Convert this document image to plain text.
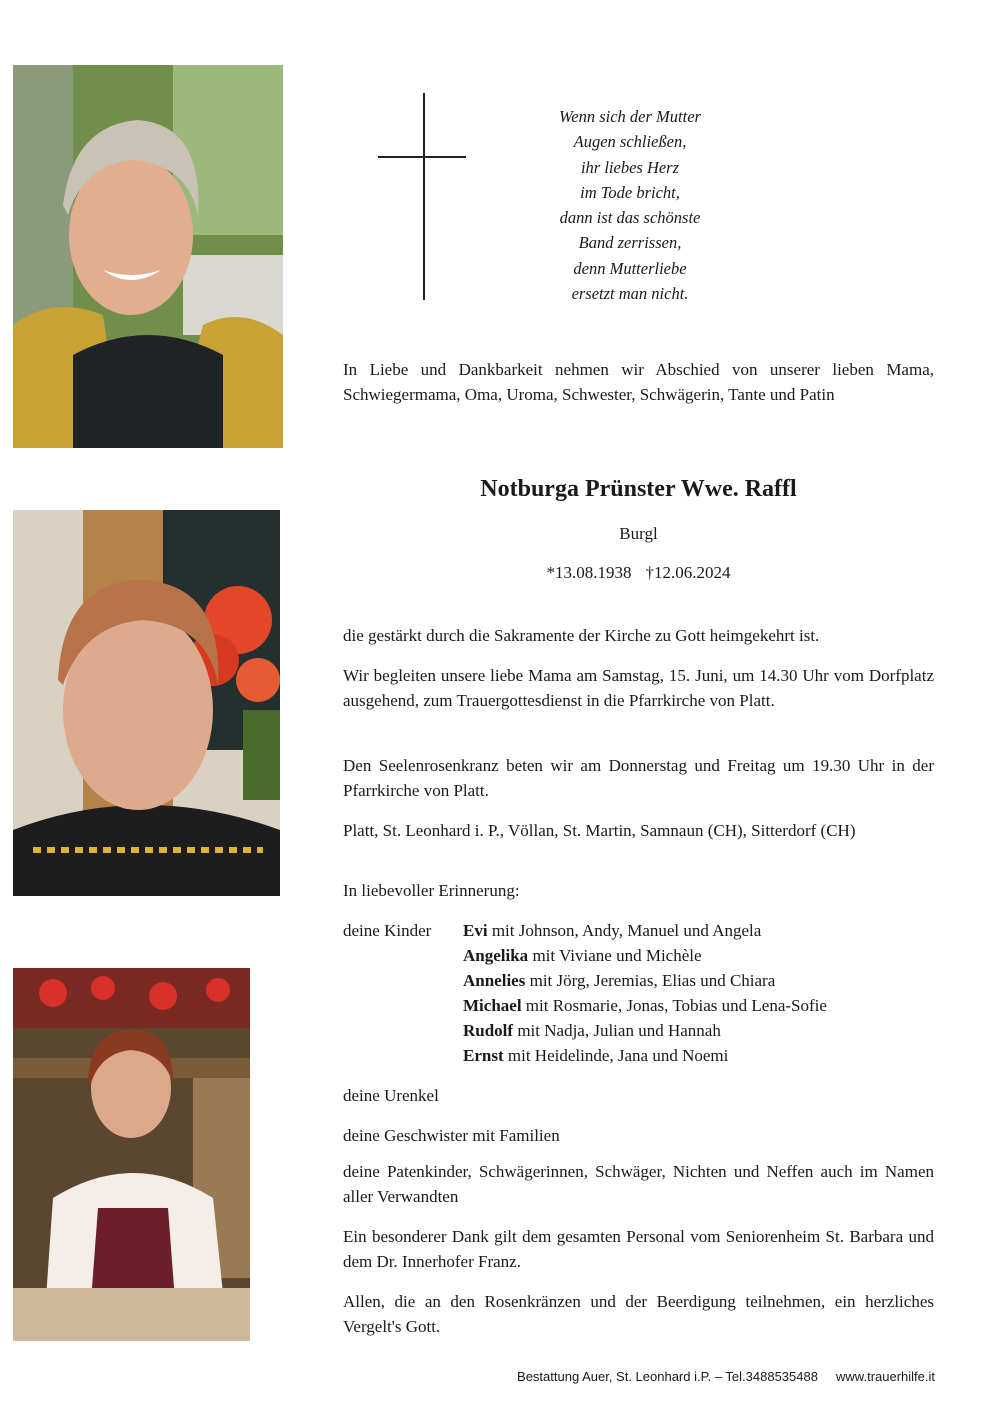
Wenn sich der Mutter
Augen schließen,
ihr liebes Herz
im Tode bricht,
dann ist das schönste
Band zerrissen,
denn Mutterliebe
ersetzt man nicht.
In Liebe und Dankbarkeit nehmen wir Abschied von unserer lieben Mama, Schwiegermama, Oma, Uroma, Schwester, Schwägerin, Tante und Patin
Notburga Prünster Wwe. Raffl
Burgl
*13.08.1938 †12.06.2024
die gestärkt durch die Sakramente der Kirche zu Gott heimgekehrt ist.
Wir begleiten unsere liebe Mama am Samstag, 15. Juni, um 14.30 Uhr vom Dorfplatz ausgehend, zum Trauergottesdienst in die Pfarrkirche von Platt.
Den Seelenrosenkranz beten wir am Donnerstag und Freitag um 19.30 Uhr in der Pfarrkirche von Platt.
Platt, St. Leonhard i. P., Völlan, St. Martin, Samnaun (CH), Sitterdorf (CH)
In liebevoller Erinnerung:
deine Kinder Evi mit Johnson, Andy, Manuel und Angela
Angelika mit Viviane und Michèle
Annelies mit Jörg, Jeremias, Elias und Chiara
Michael mit Rosmarie, Jonas, Tobias und Lena-Sofie
Rudolf mit Nadja, Julian und Hannah
Ernst mit Heidelinde, Jana und Noemi
deine Urenkel
deine Geschwister mit Familien
deine Patenkinder, Schwägerinnen, Schwäger, Nichten und Neffen auch im Namen aller Verwandten
Ein besonderer Dank gilt dem gesamten Personal vom Seniorenheim St. Barbara und dem Dr. Innerhofer Franz.
Allen, die an den Rosenkränzen und der Beerdigung teilnehmen, ein herzliches Vergelt's Gott.
Bestattung Auer, St. Leonhard i.P. – Tel.3488535488     www.trauerhilfe.it
